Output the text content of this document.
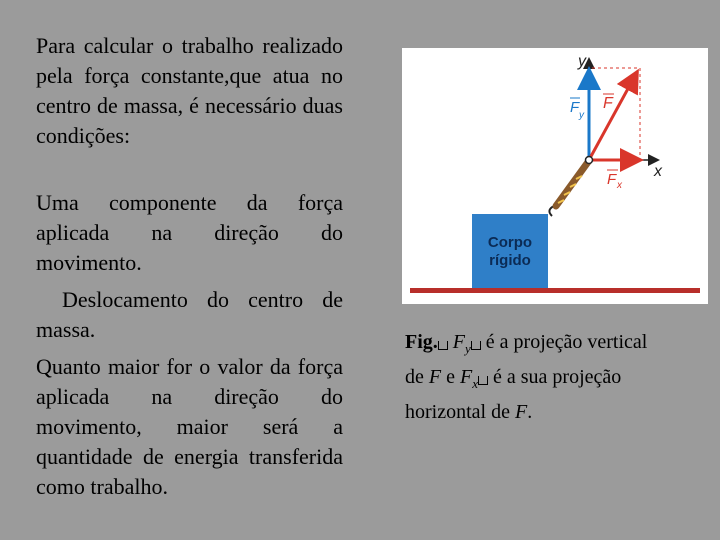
Para calcular o trabalho realizado pela força constante,que atua no centro de massa, é necessário duas condições:
Uma componente da força aplicada na direção do movimento.
Deslocamento do centro de massa.
Quanto maior for o valor da força aplicada na direção do movimento, maior será a quantidade de energia transferida como trabalho.
Corpo
rígido
y
x
F y
F
F x
Fig. $F_y$ é a projeção vertical
de F e $F_x$ é a sua projeção
horizontal de F.
